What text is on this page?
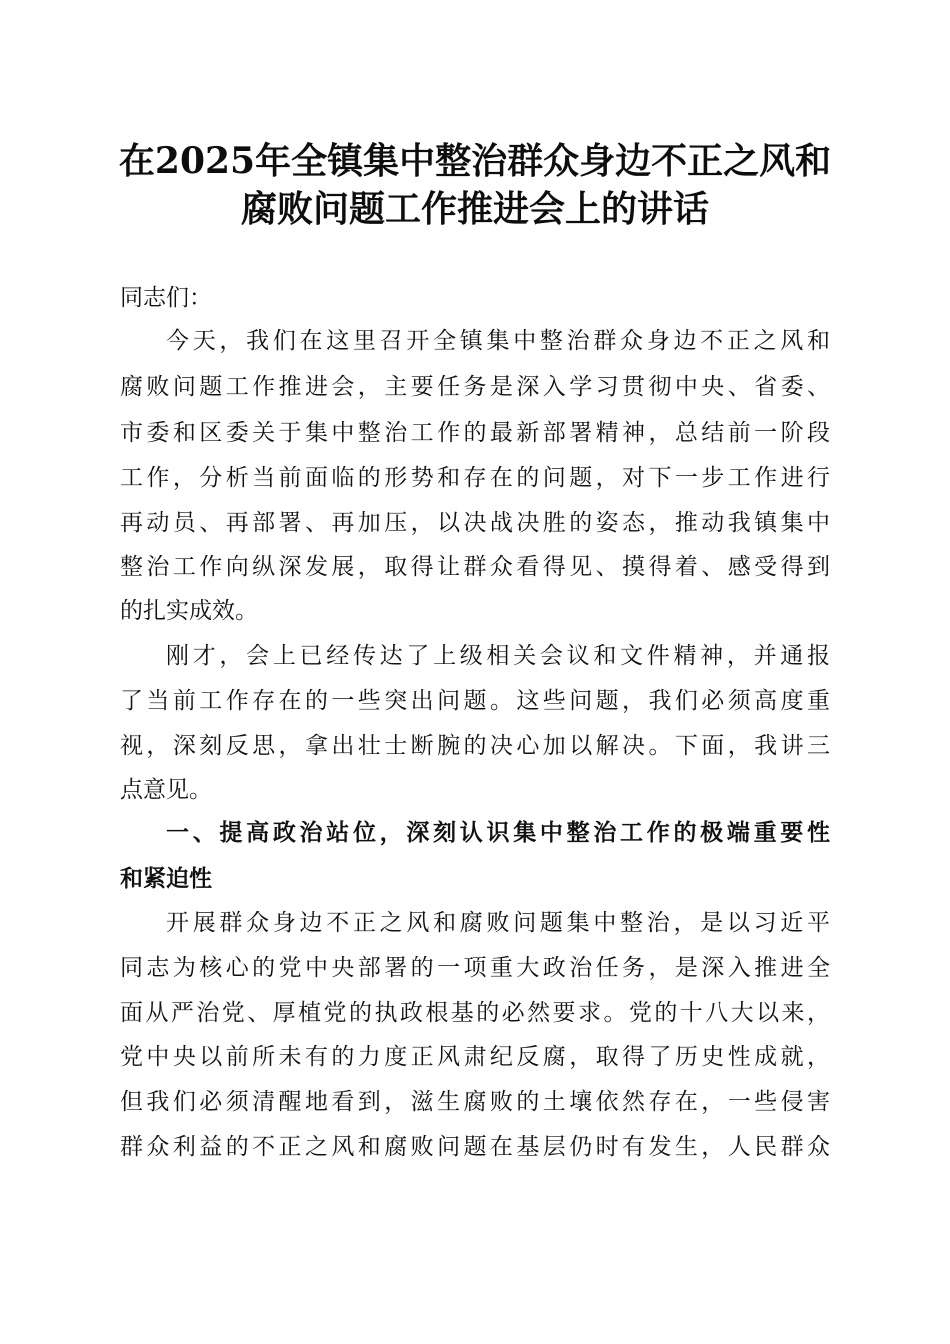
在2025年全镇集中整治群众身边不正之风和
腐败问题工作推进会上的讲话
同志们：
今天，我们在这里召开全镇集中整治群众身边不正之风和
腐败问题工作推进会，主要任务是深入学习贯彻中央、省委、
市委和区委关于集中整治工作的最新部署精神，总结前一阶段
工作，分析当前面临的形势和存在的问题，对下一步工作进行
再动员、再部署、再加压，以决战决胜的姿态，推动我镇集中
整治工作向纵深发展，取得让群众看得见、摸得着、感受得到
的扎实成效。
刚才，会上已经传达了上级相关会议和文件精神，并通报
了当前工作存在的一些突出问题。这些问题，我们必须高度重
视，深刻反思，拿出壮士断腕的决心加以解决。下面，我讲三
点意见。
一、提高政治站位，深刻认识集中整治工作的极端重要性
和紧迫性
开展群众身边不正之风和腐败问题集中整治，是以习近平
同志为核心的党中央部署的一项重大政治任务，是深入推进全
面从严治党、厚植党的执政根基的必然要求。党的十八大以来，
党中央以前所未有的力度正风肃纪反腐，取得了历史性成就，
但我们必须清醒地看到，滋生腐败的土壤依然存在，一些侵害
群众利益的不正之风和腐败问题在基层仍时有发生，人民群众
